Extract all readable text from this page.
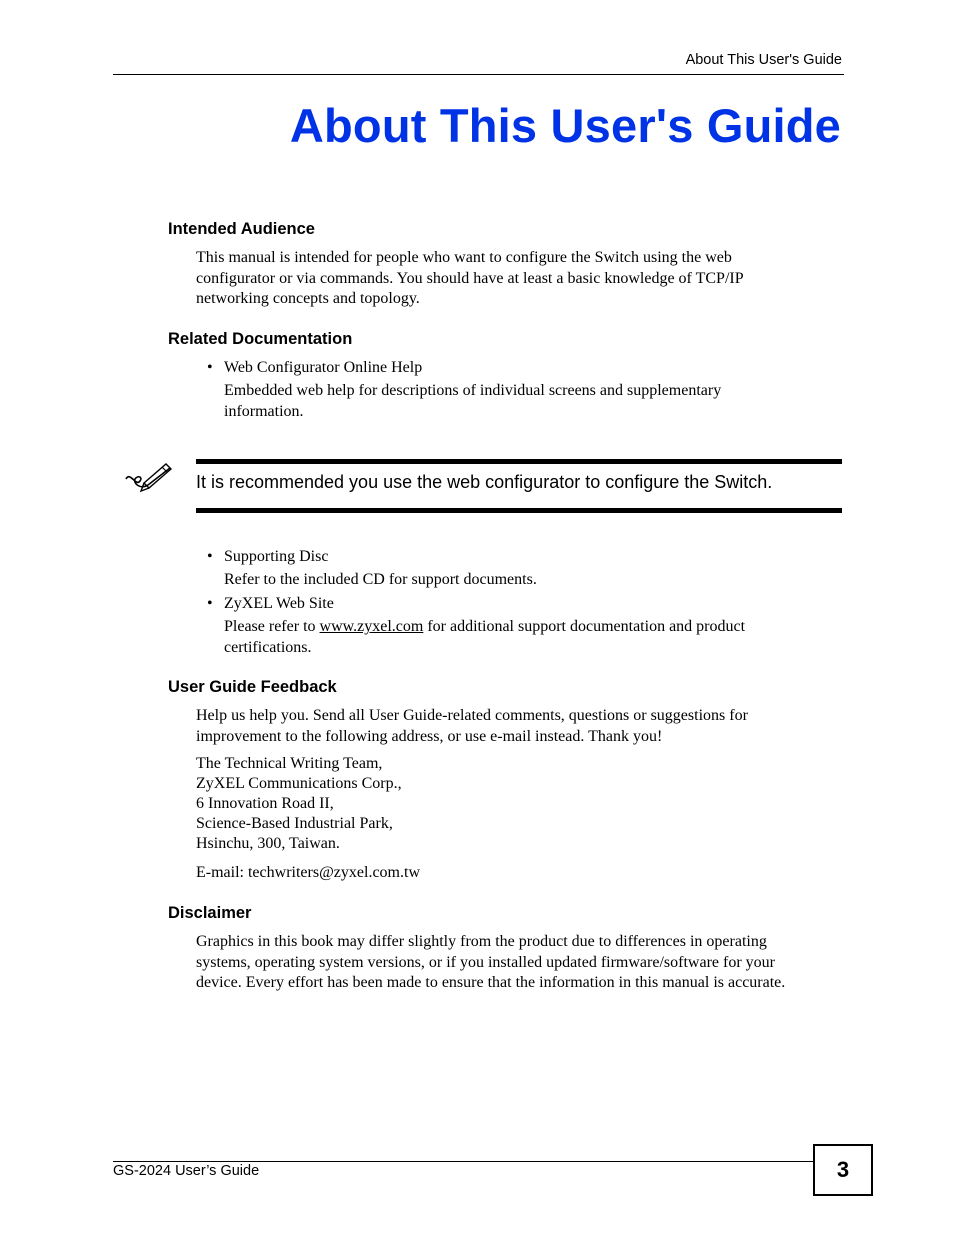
About This User's Guide
About This User's Guide
Intended Audience
This manual is intended for people who want to configure the Switch using the web
configurator or via commands. You should have at least a basic knowledge of TCP/IP
networking concepts and topology.
Related Documentation
• Web Configurator Online Help
Embedded web help for descriptions of individual screens and supplementary
information.
It is recommended you use the web configurator to configure the Switch.
• Supporting Disc
Refer to the included CD for support documents.
• ZyXEL Web Site
Please refer to www.zyxel.com for additional support documentation and product
certifications.
User Guide Feedback
Help us help you. Send all User Guide-related comments, questions or suggestions for
improvement to the following address, or use e-mail instead. Thank you!
The Technical Writing Team,
ZyXEL Communications Corp.,
6 Innovation Road II,
Science-Based Industrial Park,
Hsinchu, 300, Taiwan.
E-mail: techwriters@zyxel.com.tw
Disclaimer
Graphics in this book may differ slightly from the product due to differences in operating
systems, operating system versions, or if you installed updated firmware/software for your
device. Every effort has been made to ensure that the information in this manual is accurate.
GS-2024 User’s Guide	3
